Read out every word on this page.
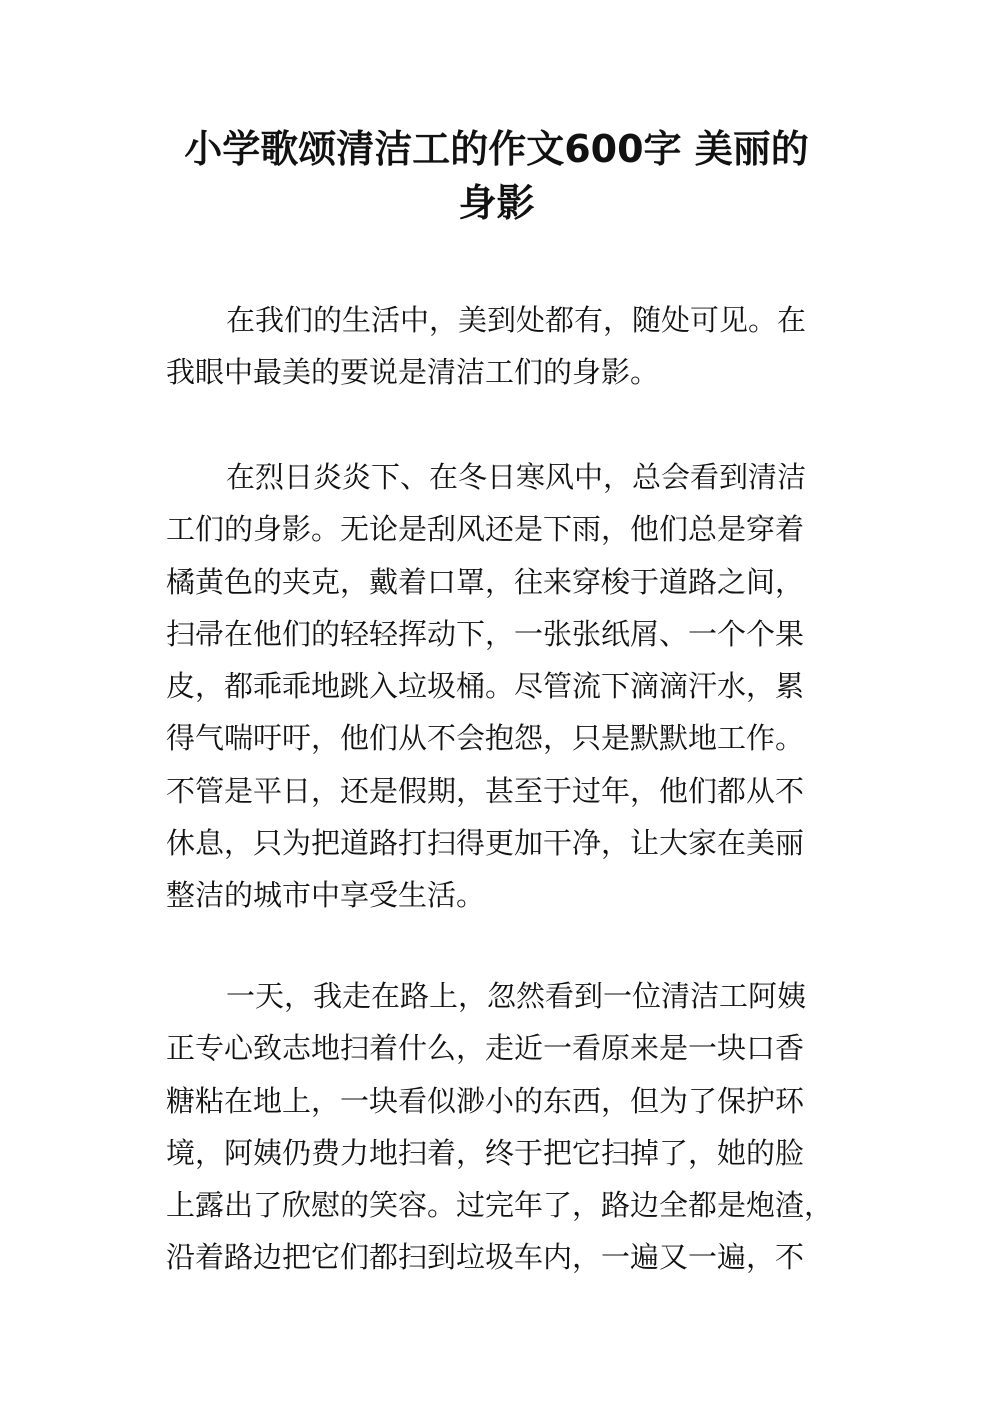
小学歌颂清洁工的作文600字 美丽的
身影

在我们的生活中，美到处都有，随处可见。在
我眼中最美的要说是清洁工们的身影。

在烈日炎炎下、在冬日寒风中，总会看到清洁
工们的身影。无论是刮风还是下雨，他们总是穿着
橘黄色的夹克，戴着口罩，往来穿梭于道路之间，
扫帚在他们的轻轻挥动下，一张张纸屑、一个个果
皮，都乖乖地跳入垃圾桶。尽管流下滴滴汗水，累
得气喘吁吁，他们从不会抱怨，只是默默地工作。
不管是平日，还是假期，甚至于过年，他们都从不
休息，只为把道路打扫得更加干净，让大家在美丽
整洁的城市中享受生活。

一天，我走在路上，忽然看到一位清洁工阿姨
正专心致志地扫着什么，走近一看原来是一块口香
糖粘在地上，一块看似渺小的东西，但为了保护环
境，阿姨仍费力地扫着，终于把它扫掉了，她的脸
上露出了欣慰的笑容。过完年了，路边全都是炮渣，
沿着路边把它们都扫到垃圾车内，一遍又一遍，不
